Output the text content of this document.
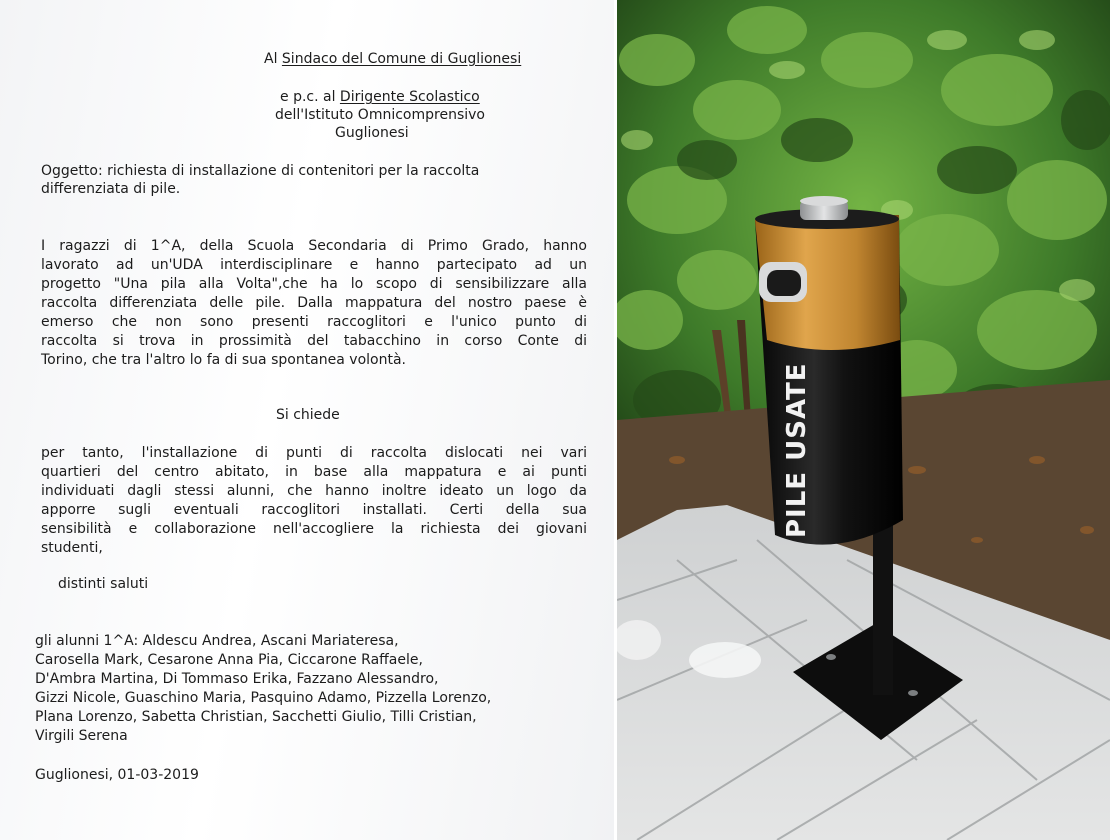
Al Sindaco del Comune di Guglionesi

e p.c. al Dirigente Scolastico

dell'Istituto Omnicomprensivo

Guglionesi

Oggetto: richiesta di installazione di contenitori per la raccolta

differenziata di pile.

I ragazzi di 1^A, della Scuola Secondaria di Primo Grado, hanno

lavorato ad un'UDA interdisciplinare e hanno partecipato ad un

progetto "Una pila alla Volta",che ha lo scopo di sensibilizzare alla

raccolta differenziata delle pile. Dalla mappatura del nostro paese è

emerso che non sono presenti raccoglitori e l'unico punto di

raccolta si trova in prossimità del tabacchino in corso Conte di

Torino, che tra l'altro lo fa di sua spontanea volontà.

Si chiede

per tanto, l'installazione di punti di raccolta dislocati nei vari

quartieri del centro abitato, in base alla mappatura e ai punti

individuati dagli stessi alunni, che hanno inoltre ideato un logo da

apporre sugli eventuali raccoglitori installati. Certi della sua

sensibilità e collaborazione nell'accogliere la richiesta dei giovani

studenti,

distinti saluti

gli alunni 1^A: Aldescu Andrea, Ascani Mariateresa,

Carosella Mark, Cesarone Anna Pia, Ciccarone Raffaele,

D'Ambra Martina, Di Tommaso Erika, Fazzano Alessandro,

Gizzi Nicole, Guaschino Maria, Pasquino Adamo, Pizzella Lorenzo,

Plana Lorenzo, Sabetta Christian, Sacchetti Giulio, Tilli Cristian,

Virgili Serena

Guglionesi, 01-03-2019

PILE USATE
